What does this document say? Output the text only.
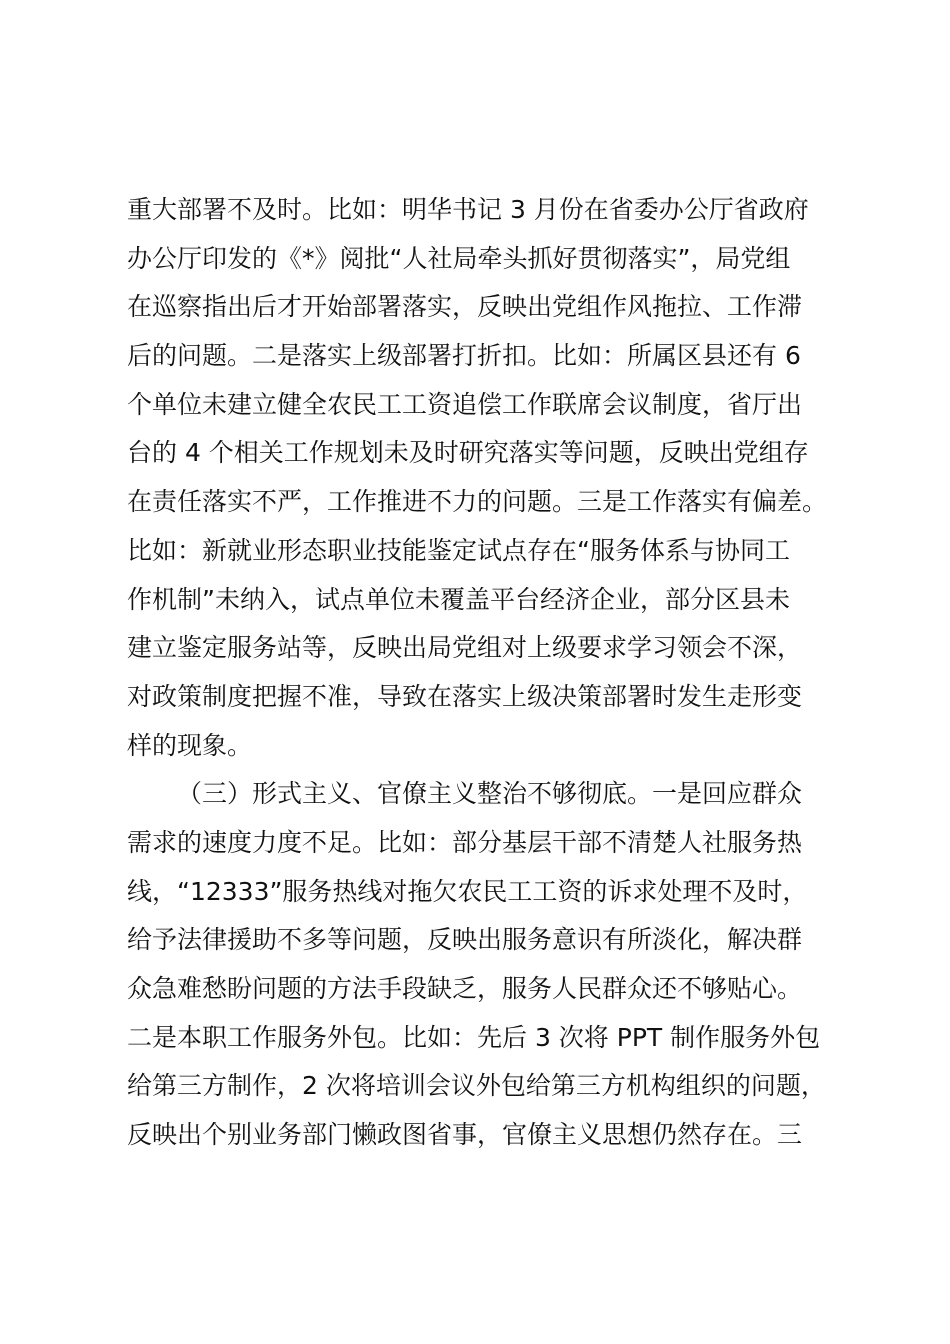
重大部署不及时。比如：明华书记 3 月份在省委办公厅省政府
办公厅印发的《*》阅批“人社局牵头抓好贯彻落实”，局党组
在巡察指出后才开始部署落实，反映出党组作风拖拉、工作滞
后的问题。二是落实上级部署打折扣。比如：所属区县还有 6
个单位未建立健全农民工工资追偿工作联席会议制度，省厅出
台的 4 个相关工作规划未及时研究落实等问题，反映出党组存
在责任落实不严，工作推进不力的问题。三是工作落实有偏差。
比如：新就业形态职业技能鉴定试点存在“服务体系与协同工
作机制”未纳入，试点单位未覆盖平台经济企业，部分区县未
建立鉴定服务站等，反映出局党组对上级要求学习领会不深，
对政策制度把握不准，导致在落实上级决策部署时发生走形变
样的现象。
（三）形式主义、官僚主义整治不够彻底。一是回应群众
需求的速度力度不足。比如：部分基层干部不清楚人社服务热
线，“12333”服务热线对拖欠农民工工资的诉求处理不及时，
给予法律援助不多等问题，反映出服务意识有所淡化，解决群
众急难愁盼问题的方法手段缺乏，服务人民群众还不够贴心。
二是本职工作服务外包。比如：先后 3 次将 PPT 制作服务外包
给第三方制作，2 次将培训会议外包给第三方机构组织的问题，
反映出个别业务部门懒政图省事，官僚主义思想仍然存在。三
